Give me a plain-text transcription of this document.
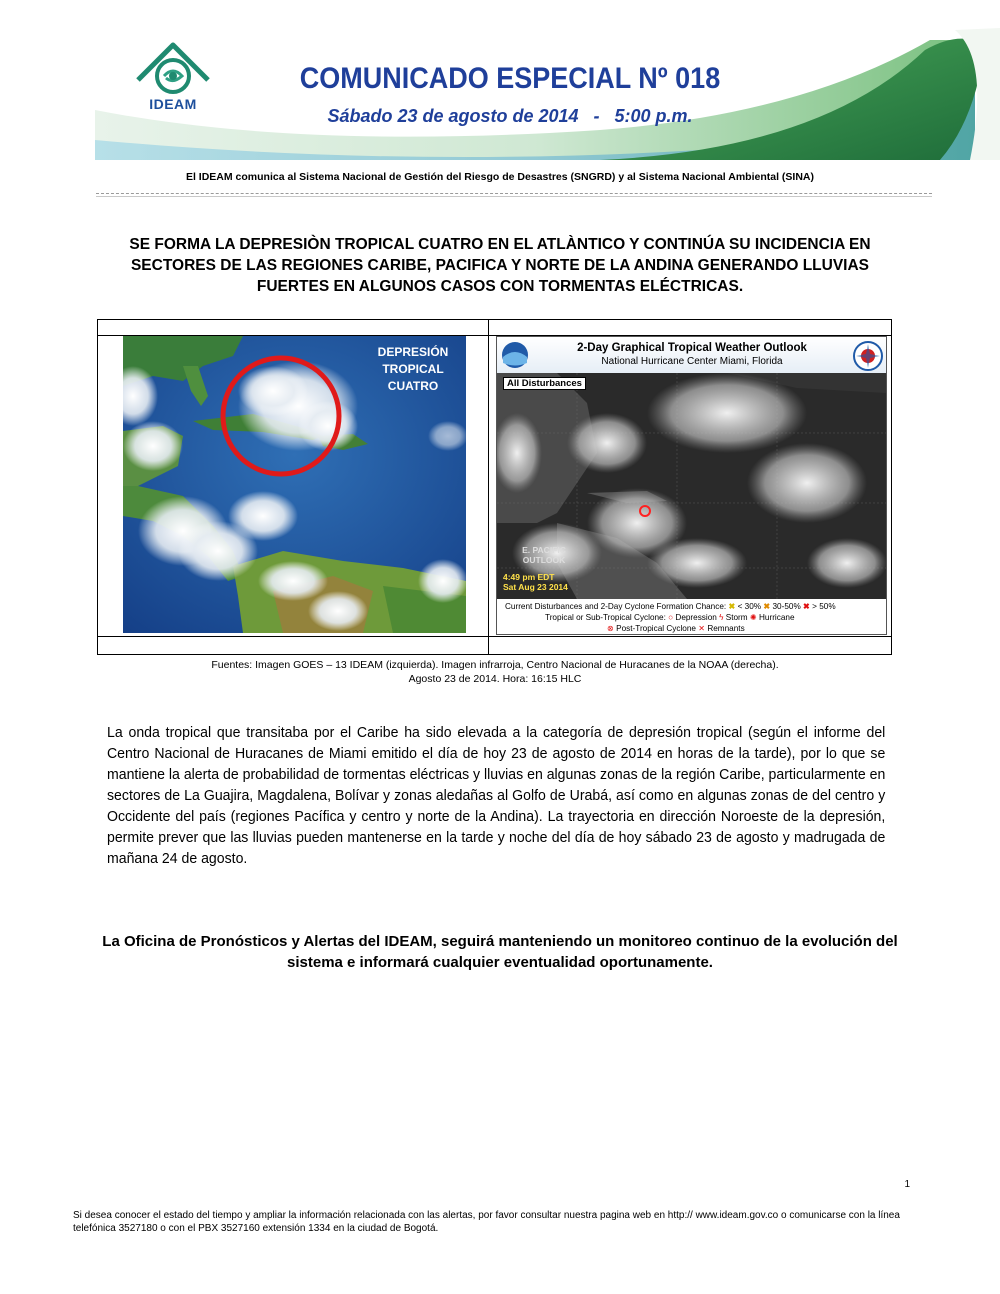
IDEAM
COMUNICADO ESPECIAL Nº 018
Sábado 23 de agosto de 2014   -   5:00 p.m.
El IDEAM comunica al Sistema Nacional de Gestión del Riesgo de Desastres (SNGRD) y al Sistema Nacional Ambiental (SINA)
SE FORMA LA DEPRESIÒN TROPICAL CUATRO EN EL ATLÀNTICO Y CONTINÚA SU INCIDENCIA EN SECTORES DE LAS REGIONES CARIBE, PACIFICA Y NORTE DE LA ANDINA GENERANDO LLUVIAS FUERTES EN ALGUNOS CASOS CON TORMENTAS ELÉCTRICAS.
DEPRESIÓN
TROPICAL
CUATRO
2-Day Graphical Tropical Weather Outlook
National Hurricane Center Miami, Florida
All Disturbances
E. PACIFIC
OUTLOOK
4:49 pm EDT
Sat Aug 23 2014
Current Disturbances and 2-Day Cyclone Formation Chance: ✖ < 30% ✖ 30-50% ✖ > 50%
Tropical or Sub-Tropical Cyclone: ○ Depression ϟ Storm ✺ Hurricane
⊗ Post-Tropical Cyclone ✕ Remnants
Fuentes: Imagen GOES – 13 IDEAM (izquierda). Imagen infrarroja, Centro Nacional de Huracanes de la NOAA (derecha).
Agosto 23 de 2014. Hora: 16:15 HLC
La onda tropical que transitaba por el Caribe ha sido elevada a la categoría de depresión tropical (según el informe del Centro Nacional de Huracanes de Miami emitido el día de hoy 23 de agosto de 2014 en horas de la tarde), por lo que se mantiene la alerta de probabilidad de tormentas eléctricas y lluvias en algunas zonas de la región Caribe, particularmente en sectores de La Guajira, Magdalena, Bolívar y zonas aledañas al Golfo de Urabá, así como en algunas zonas de del centro y Occidente del país (regiones Pacífica y centro y norte de la Andina). La trayectoria en dirección Noroeste de la depresión, permite prever que las lluvias pueden mantenerse en la tarde y noche del día de hoy sábado 23 de agosto y madrugada de mañana 24 de agosto.
La Oficina de Pronósticos y Alertas del IDEAM, seguirá manteniendo un monitoreo continuo de la evolución del sistema e informará cualquier eventualidad oportunamente.
1
Si desea conocer el estado del tiempo y ampliar la información relacionada con las alertas, por favor consultar nuestra pagina web en http:// www.ideam.gov.co o comunicarse con la línea telefónica 3527180 o con el PBX 3527160 extensión 1334 en la ciudad de Bogotá.
